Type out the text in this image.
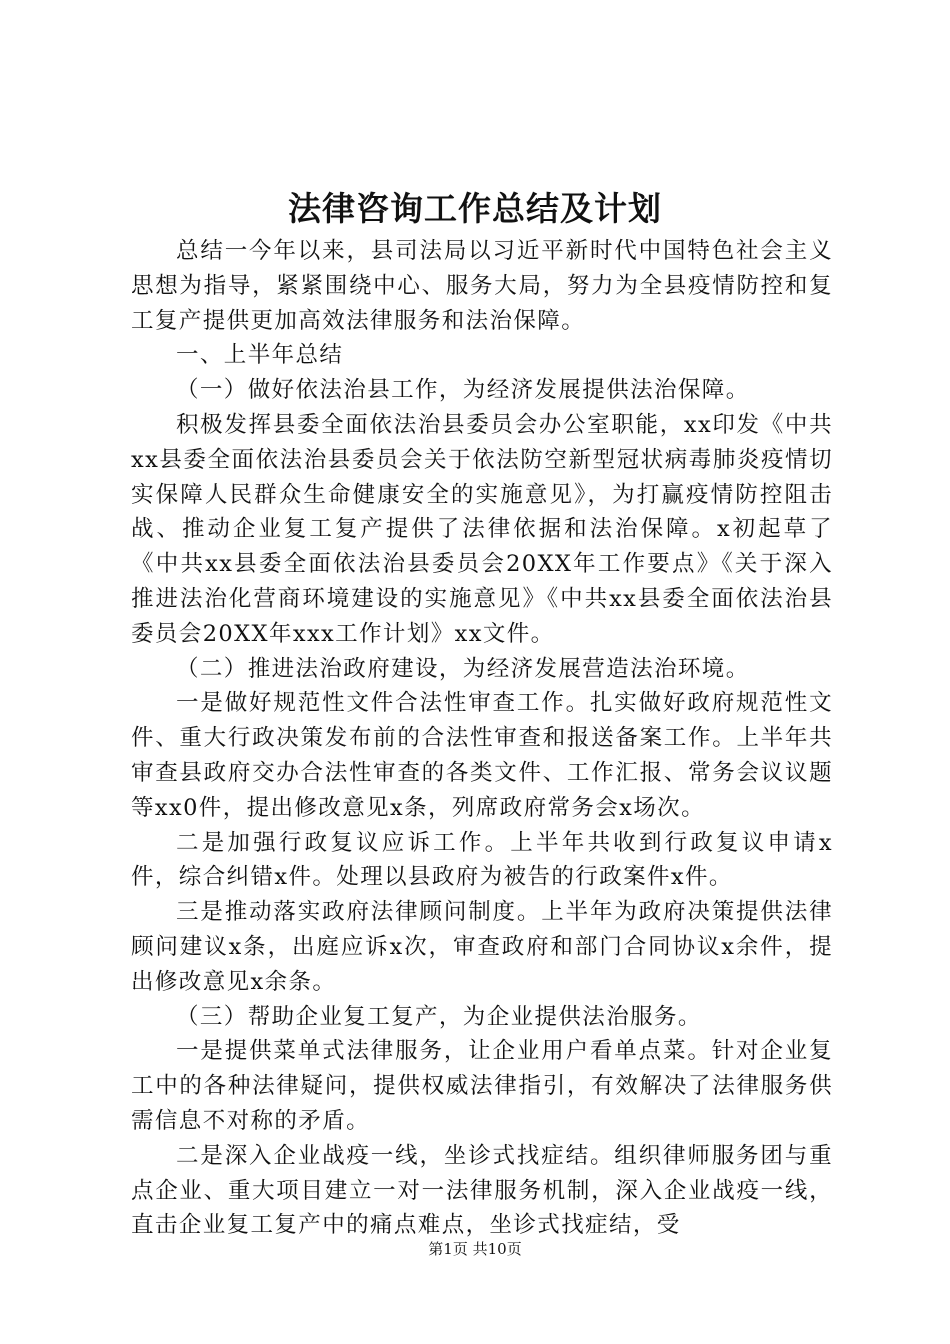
法律咨询工作总结及计划

总结一今年以来，县司法局以习近平新时代中国特色社会主义思想为指导，紧紧围绕中心、服务大局，努力为全县疫情防控和复工复产提供更加高效法律服务和法治保障。

一、上半年总结

（一）做好依法治县工作，为经济发展提供法治保障。

积极发挥县委全面依法治县委员会办公室职能，xx印发《中共xx县委全面依法治县委员会关于依法防空新型冠状病毒肺炎疫情切实保障人民群众生命健康安全的实施意见》，为打赢疫情防控阻击战、推动企业复工复产提供了法律依据和法治保障。x初起草了《中共xx县委全面依法治县委员会20XX年工作要点》《关于深入推进法治化营商环境建设的实施意见》《中共xx县委全面依法治县委员会20XX年xxx工作计划》xx文件。

（二）推进法治政府建设，为经济发展营造法治环境。

一是做好规范性文件合法性审查工作。扎实做好政府规范性文件、重大行政决策发布前的合法性审查和报送备案工作。上半年共审查县政府交办合法性审查的各类文件、工作汇报、常务会议议题等xx0件，提出修改意见x条，列席政府常务会x场次。

二是加强行政复议应诉工作。上半年共收到行政复议申请x件，综合纠错x件。处理以县政府为被告的行政案件x件。

三是推动落实政府法律顾问制度。上半年为政府决策提供法律顾问建议x条，出庭应诉x次，审查政府和部门合同协议x余件，提出修改意见x余条。

（三）帮助企业复工复产，为企业提供法治服务。

一是提供菜单式法律服务，让企业用户看单点菜。针对企业复工中的各种法律疑问，提供权威法律指引，有效解决了法律服务供需信息不对称的矛盾。

二是深入企业战疫一线，坐诊式找症结。组织律师服务团与重点企业、重大项目建立一对一法律服务机制，深入企业战疫一线，直击企业复工复产中的痛点难点，坐诊式找症结，受

第1页 共10页
